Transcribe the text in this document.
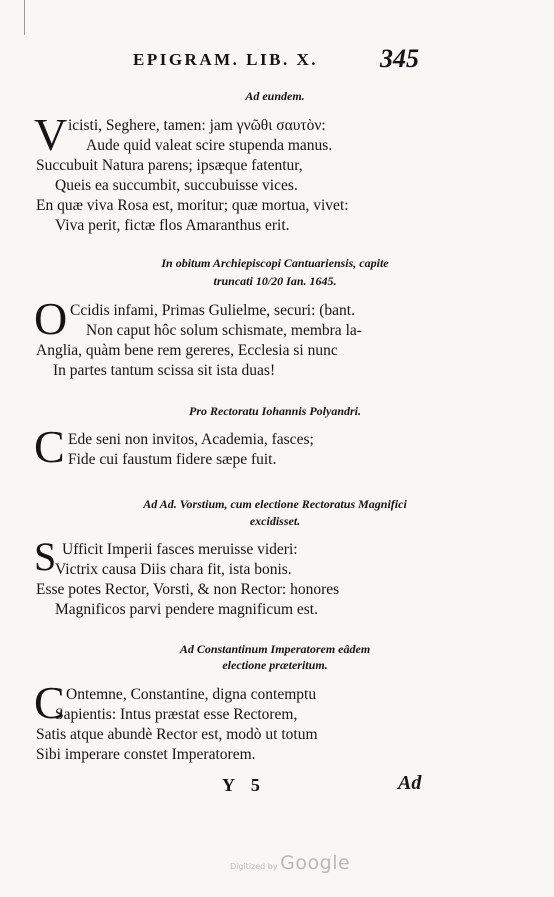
EPIGRAM. LIB. X. 345
Ad eundem.
V icisti, Seghere, tamen: jam γνῶθι σαυτὸν:
Aude quid valeat scire stupenda manus.
Succubuit Natura parens; ipsæque fatentur,
Queis ea succumbit, succubuisse vices.
En quæ viva Rosa est, moritur; quæ mortua, vivet:
Viva perit, fictæ flos Amaranthus erit.
In obitum Archiepiscopi Cantuariensis, capite
truncati 10/20 Ian. 1645.
O Ccidis infami, Primas Gulielme, securi: (bant.
Non caput hôc solum schismate, membra la-
Anglia, quàm bene rem gereres, Ecclesia si nunc
In partes tantum scissa sit ista duas!
Pro Rectoratu Iohannis Polyandri.
C Ede seni non invitos, Academia, fasces;
Fide cui faustum fidere sæpe fuit.
Ad Ad. Vorstium, cum electione Rectoratus Magnifici
excidisset.
S Ufficit Imperii fasces meruisse videri:
Victrix causa Diis chara fit, ista bonis.
Esse potes Rector, Vorsti, & non Rector: honores
Magnificos parvi pendere magnificum est.
Ad Constantinum Imperatorem eâdem
electione præteritum.
C Ontemne, Constantine, digna contemptu
Sapientis: Intus præstat esse Rectorem,
Satis atque abundè Rector est, modò ut totum
Sibi imperare constet Imperatorem.
Y 5	Ad
Digitized by Google
